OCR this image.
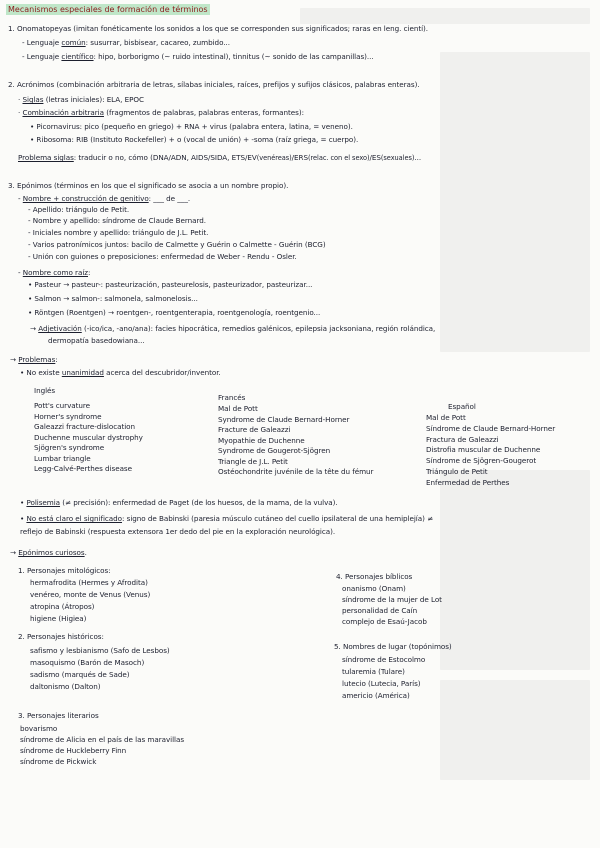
Mecanismos especiales de formación de términos
1. Onomatopeyas (imitan fonéticamente los sonidos a los que se corresponden sus significados; raras en leng. cientí).
- Lenguaje común: susurrar, bisbisear, cacareo, zumbido...
- Lenguaje científico: hipo, borborigmo (~ ruido intestinal), tinnitus (~ sonido de las campanillas)...
2. Acrónimos (combinación arbitraria de letras, sílabas iniciales, raíces, prefijos y sufijos clásicos, palabras enteras).
· Siglas (letras iniciales): ELA, EPOC
· Combinación arbitraria (fragmentos de palabras, palabras enteras, formantes):
• Picornavirus: pico (pequeño en griego) + RNA + virus (palabra entera, latina, = veneno).
• Ribosoma: RIB (Instituto Rockefeller) + o (vocal de unión) + -soma (raíz griega, = cuerpo).
Problema siglas: traducir o no, cómo (DNA/ADN, AIDS/SIDA, ETS/EV(venéreas)/ERS(relac. con el sexo)/ES(sexuales)...
3. Epónimos (términos en los que el significado se asocia a un nombre propio).
- Nombre + construcción de genitivo: ___ de ___.
- Apellido: triángulo de Petit.
- Nombre y apellido: síndrome de Claude Bernard.
- Iniciales nombre y apellido: triángulo de J.L. Petit.
- Varios patronímicos juntos: bacilo de Calmette y Guérin o Calmette - Guérin (BCG)
- Unión con guiones o preposiciones: enfermedad de Weber - Rendu - Osler.
- Nombre como raíz:
• Pasteur → pasteur-: pasteurización, pasteurelosis, pasteurizador, pasteurizar...
• Salmon → salmon-: salmonela, salmonelosis...
• Röntgen (Roentgen) → roentgen-, roentgenterapia, roentgenología, roentgenio...
→ Adjetivación (-ico/ica, -ano/ana): facies hipocrática, remedios galénicos, epilepsia jacksoniana, región rolándica,
dermopatía basedowiana...
→ Problemas:
• No existe unanimidad acerca del descubridor/inventor.
Inglés
Francés
Español
Pott's curvature
Horner's syndrome
Galeazzi fracture-dislocation
Duchenne muscular dystrophy
Sjögren's syndrome
Lumbar triangle
Legg-Calvé-Perthes disease
Mal de Pott
Syndrome de Claude Bernard-Horner
Fracture de Galeazzi
Myopathie de Duchenne
Syndrome de Gougerot-Sjögren
Triangle de J.L. Petit
Ostéochondrite juvénile de la tête du fémur
Mal de Pott
Síndrome de Claude Bernard-Horner
Fractura de Galeazzi
Distrofia muscular de Duchenne
Síndrome de Sjögren-Gougerot
Triángulo de Petit
Enfermedad de Perthes
• Polisemia (≠ precisión): enfermedad de Paget (de los huesos, de la mama, de la vulva).
• No está claro el significado: signo de Babinski (paresia músculo cutáneo del cuello ipsilateral de una hemiplejía) ≠
reflejo de Babinski (respuesta extensora 1er dedo del pie en la exploración neurológica).
→ Epónimos curiosos.
1. Personajes mitológicos:
hermafrodita (Hermes y Afrodita)
venéreo, monte de Venus (Venus)
atropina (Átropos)
higiene (Higiea)
2. Personajes históricos:
safismo y lesbianismo (Safo de Lesbos)
masoquismo (Barón de Masoch)
sadismo (marqués de Sade)
daltonismo (Dalton)
3. Personajes literarios
bovarismo
síndrome de Alicia en el país de las maravillas
síndrome de Huckleberry Finn
síndrome de Pickwick
4. Personajes bíblicos
onanismo (Onam)
síndrome de la mujer de Lot
personalidad de Caín
complejo de Esaú-Jacob
5. Nombres de lugar (topónimos)
síndrome de Estocolmo
tularemia (Tulare)
lutecio (Lutecia, París)
americio (América)
